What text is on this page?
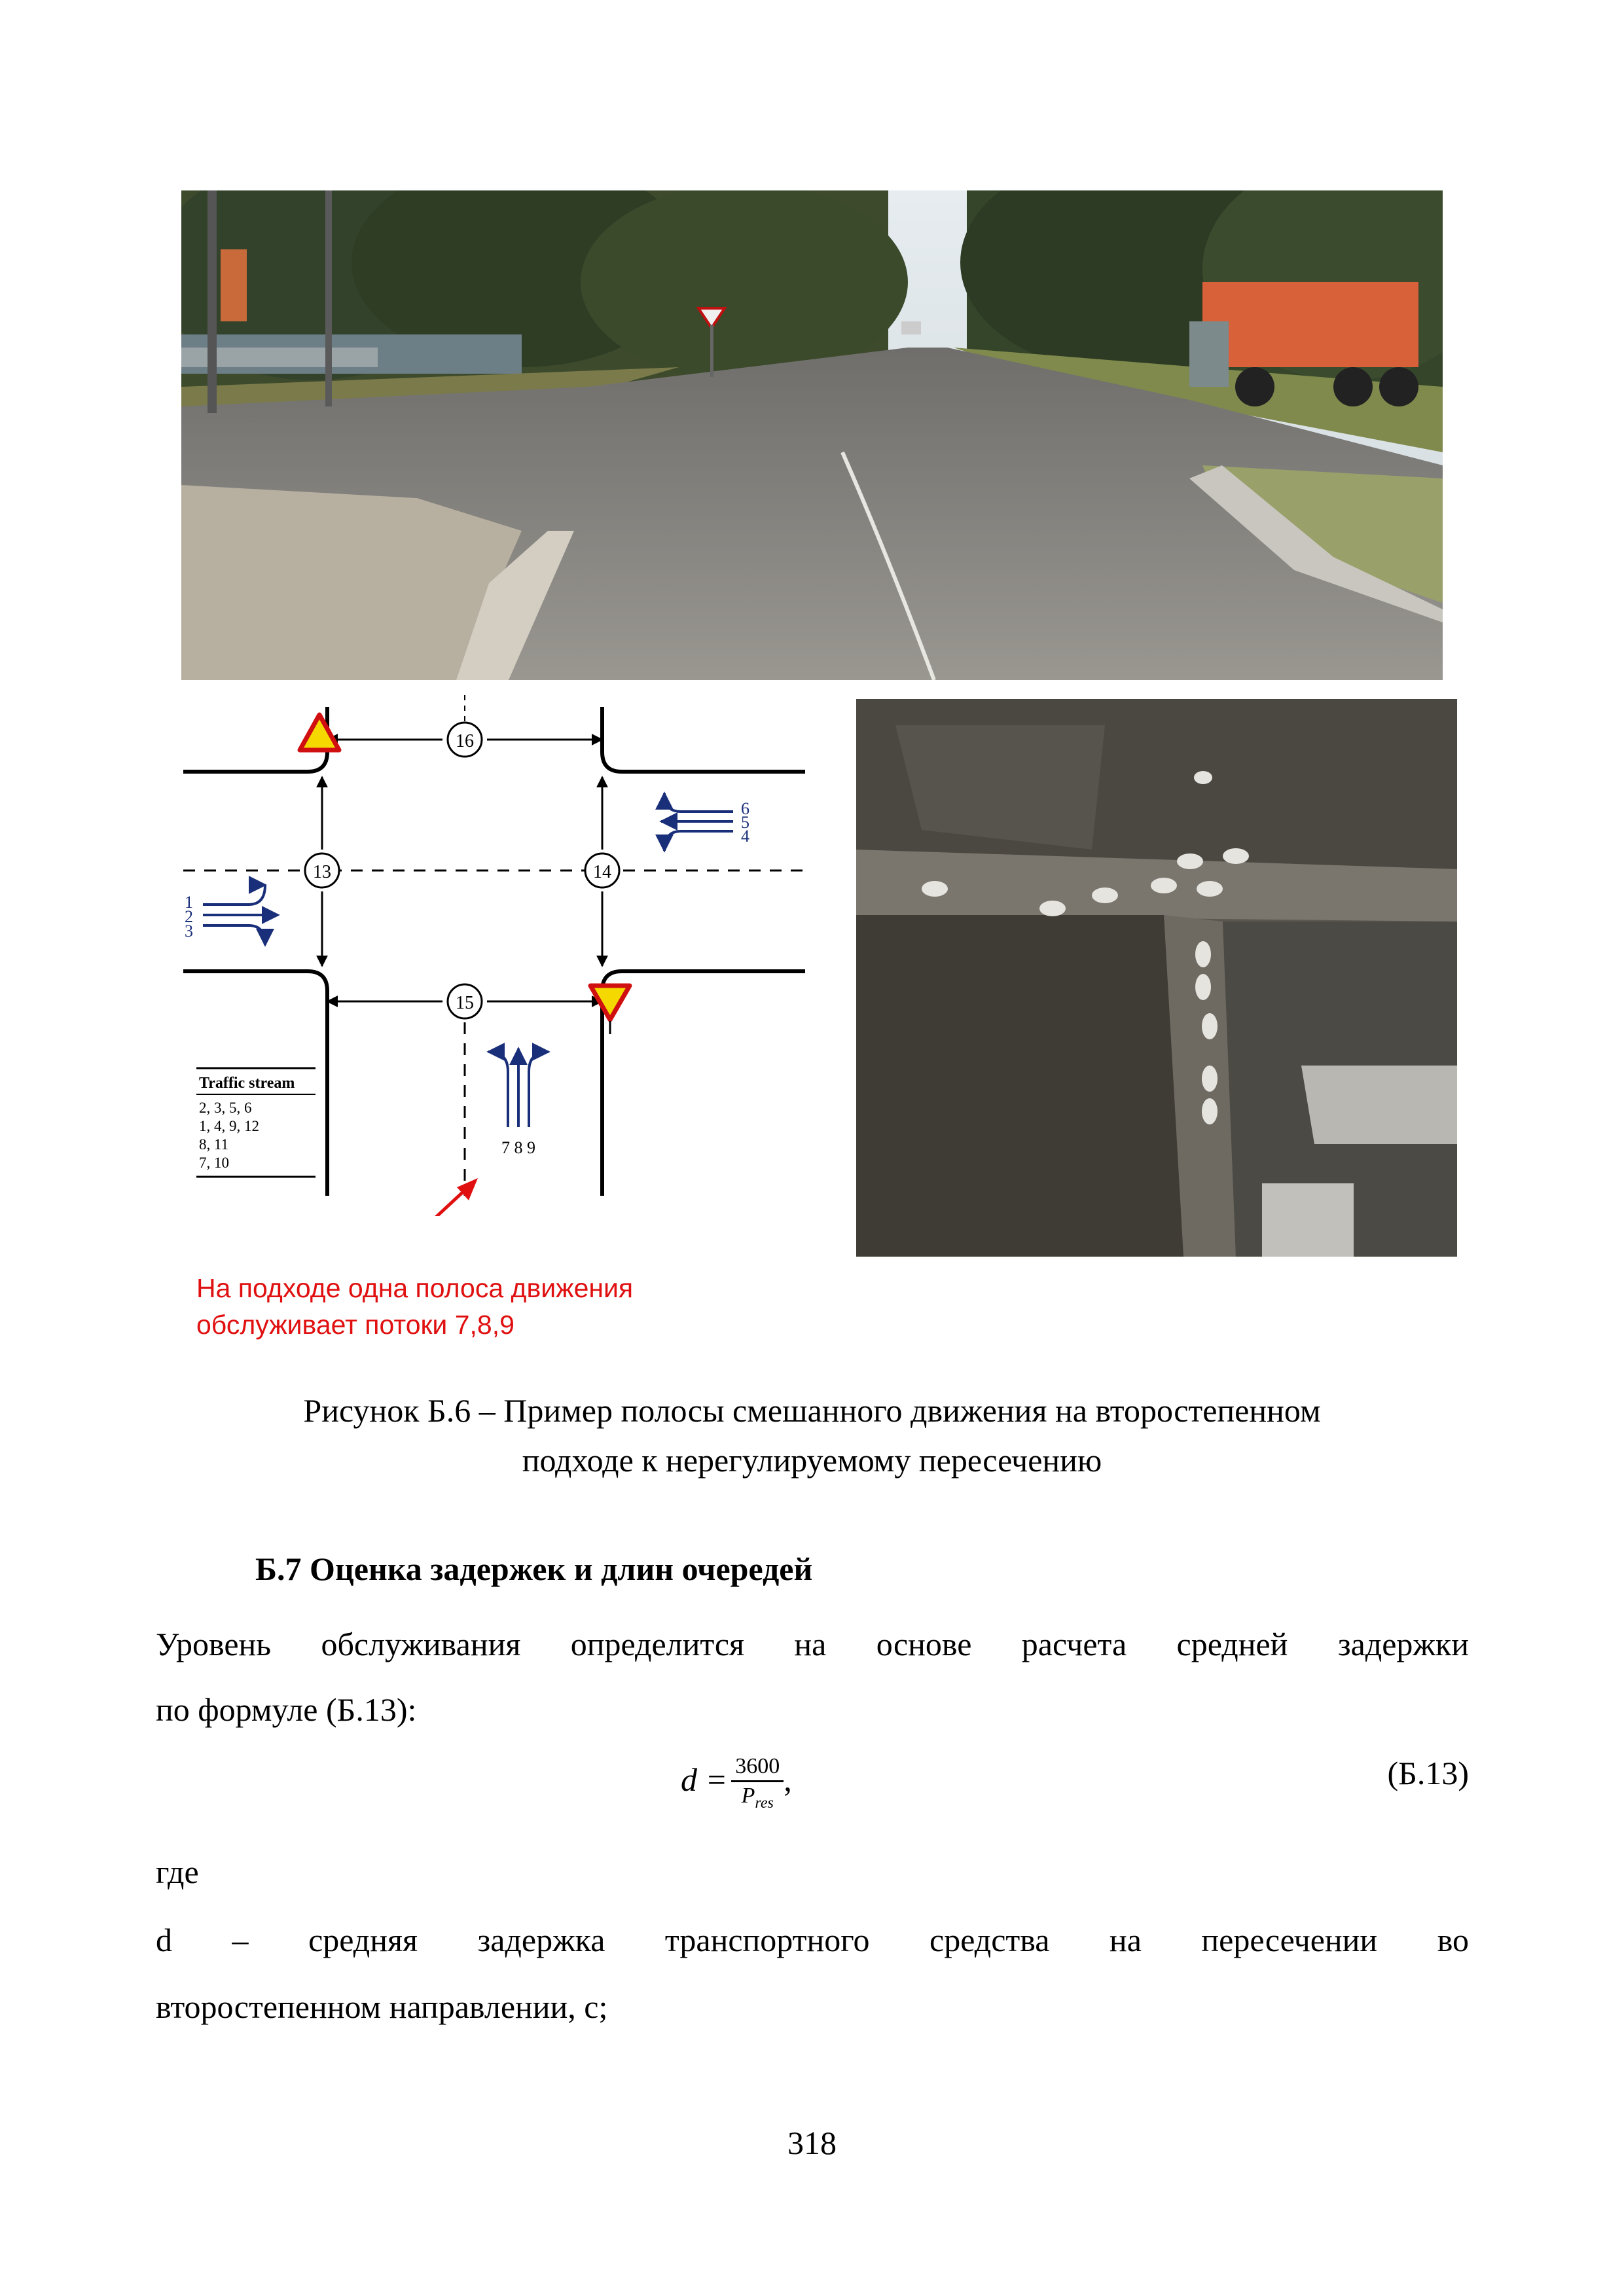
16
13	14
15
1
2
3
6
5
4
7 8 9
Traffic stream
2, 3, 5, 6
1, 4, 9, 12
8, 11
7, 10
На подходе одна полоса движения
обслуживает потоки 7,8,9
Рисунок Б.6 – Пример полосы смешанного движения на второстепенном
подходе к нерегулируемому пересечению
Б.7 Оценка задержек и длин очередей
Уровень обслуживания определится на основе расчета средней задержки
по формуле (Б.13):
$d = \frac{3600}{P_{res}}$ ,	(Б.13)
где
d – средняя задержка транспортного средства на пересечении во
второстепенном направлении, с;
318
